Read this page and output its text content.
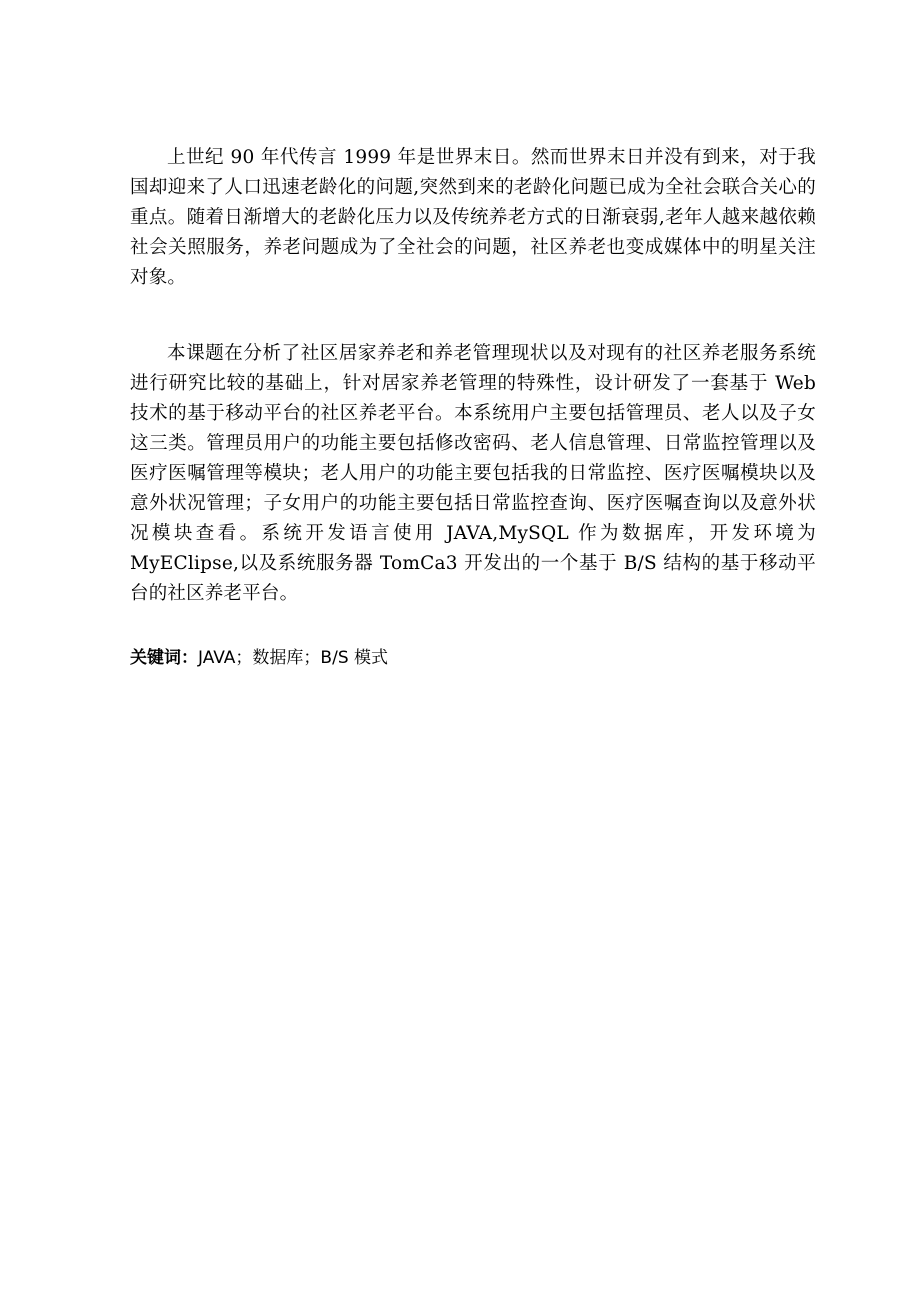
上世纪 90 年代传言 1999 年是世界末日。然而世界末日并没有到来，对于我国却迎来了人口迅速老龄化的问题,突然到来的老龄化问题已成为全社会联合关心的重点。随着日渐增大的老龄化压力以及传统养老方式的日渐衰弱,老年人越来越依赖社会关照服务，养老问题成为了全社会的问题，社区养老也变成媒体中的明星关注对象。

本课题在分析了社区居家养老和养老管理现状以及对现有的社区养老服务系统进行研究比较的基础上，针对居家养老管理的特殊性，设计研发了一套基于 Web 技术的基于移动平台的社区养老平台。本系统用户主要包括管理员、老人以及子女这三类。管理员用户的功能主要包括修改密码、老人信息管理、日常监控管理以及医疗医嘱管理等模块；老人用户的功能主要包括我的日常监控、医疗医嘱模块以及意外状况管理；子女用户的功能主要包括日常监控查询、医疗医嘱查询以及意外状况模块查看。系统开发语言使用 JAVA,MySQL 作为数据库，开发环境为 MyEClipse,以及系统服务器 TomCa3 开发出的一个基于 B/S 结构的基于移动平台的社区养老平台。

关键词：JAVA；数据库；B/S 模式
